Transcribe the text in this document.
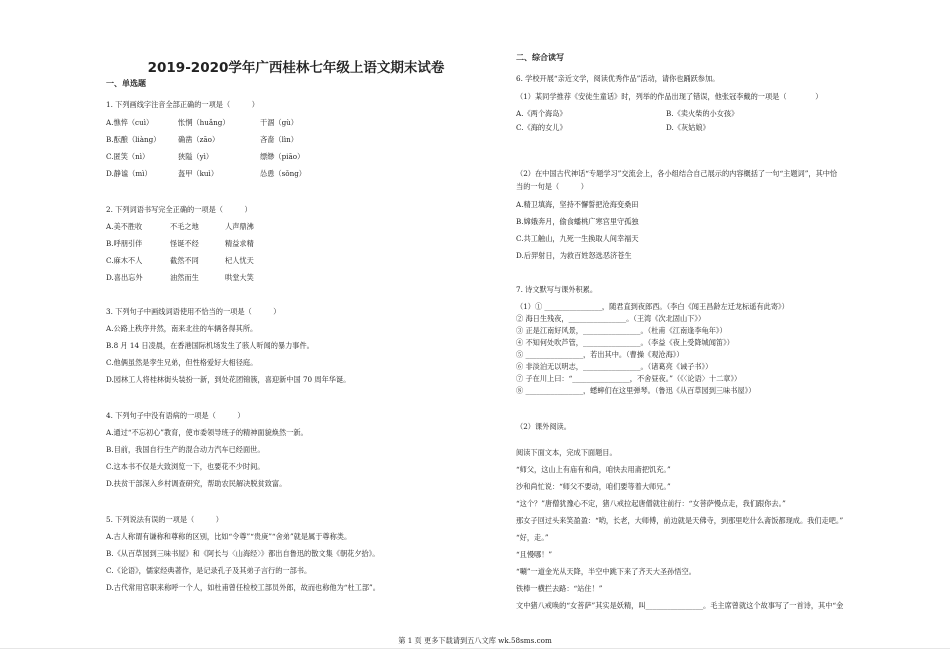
2019-2020学年广西桂林七年级上语文期末试卷
一、单选题
1. 下列画线字注音全部正确的一项是（　　　）
A.憔悴（cuì）	怅惘（huǎng）	干涸（gù）
B.酝酿（liàng） 确凿（zāo）	吝啬（lìn）
C.匿笑（nì）	狭隘（yì）	缥缈（piāo）
D.静谧（mì）	盔甲（kuì）	怂恿（sǒng）
2. 下列词语书写完全正确的一项是（　　　）
A.美不胜收	不毛之地	人声鼎沸
B.呼朋引伴	怪诞不经	精益求精
C.麻木不人	截然不同	杞人忧天
D.喜出忘外	油然而生	哄堂大笑
3. 下列句子中画线词语使用不恰当的一项是（　　　）
A.公路上秩序井然，南来北往的车辆各得其所。
B.8 月 14 日凌晨，在香港国际机场发生了骇人听闻的暴力事件。
C.他俩虽然是孪生兄弟，但性格爱好大相径庭。
D.园林工人将桂林街头装扮一新，到处花团锦簇，喜迎新中国 70 周年华诞。
4. 下列句子中没有语病的一项是（　　　）
A.通过“不忘初心”教育，使市委领导班子的精神面貌焕然一新。
B.目前，我国自行生产的混合动力汽车已经面世。
C.这本书不仅是大致浏览一下，也要花不少时间。
D.扶贫干部深入乡村调查研究，帮助农民解决脱贫致富。
5. 下列说法有误的一项是（　　　）
A.古人称谓有谦称和尊称的区别，比如“令尊”“贵庚”“舍弟”就是属于尊称类。
B.《从百草园到三味书屋》和《阿长与〈山海经〉》都出自鲁迅的散文集《朝花夕拾》。
C.《论语》，儒家经典著作，是记录孔子及其弟子言行的一部书。
D.古代常用官职来称呼一个人，如杜甫曾任检校工部员外郎，故而也称他为“杜工部”。
二、综合读写
6. 学校开展“亲近文学，阅读优秀作品”活动，请你也踊跃参加。
（1）某同学推荐《安徒生童话》时，列举的作品出现了错误，他张冠李戴的一项是（　　　　）
A.《两个海岛》	B.《卖火柴的小女孩》
C.《海的女儿》	D.《灰姑娘》
（2）在中国古代神话“专题学习”交流会上，各小组结合自己展示的内容概括了一句“主题词”，其中恰
当的一句是（　　　）
A.精卫填海，坚持不懈誓把沧海变桑田
B.嫦娥奔月，偷食蟠桃广寒宫里守孤独
C.共工触山，九死一生换取人间幸福天
D.后羿射日，为救百姓怒选恶济苍生
7. 诗文默写与课外积累。
（1）① ________________，随君直到夜郎西。（李白《闻王昌龄左迁龙标遥有此寄》）
② 海日生残夜，________________。（王湾《次北固山下》）
③ 正是江南好风景，________________。（杜甫《江南逢李龟年》）
④ 不知何处吹芦管，________________。（李益《夜上受降城闻笛》）
⑤ ________________，若出其中。（曹操《观沧海》）
⑥ 非淡泊无以明志，________________。（诸葛亮《诫子书》）
⑦ 子在川上曰：“________________，不舍昼夜。”（《〈论语〉十二章》）
⑧ ________________，蟋蟀们在这里弹琴。（鲁迅《从百草园到三味书屋》）
（2）课外阅读。
阅读下面文本，完成下面题目。
“师父，这山上有庙有和尚，咱快去用斋把饥充。”
沙和尚忙说：“师父不要动，咱们要等着大师兄。”
“这个？”唐僧犹豫心不定，猪八戒拉起唐僧就往前行：“女菩萨慢点走，我们跟你去。”
那女子回过头来笑盈盈：“哟，长老，大师傅，前边就是天佛寺，到那里吃什么斋饭都现成。我们走吧。”
“好，走。”
“且慢哪！”
“唰”一道金光从天降，半空中跳下来了齐天大圣孙悟空。
铁棒一横拦去路：“站住！”
文中猪八戒唤的“女菩萨”其实是妖精，叫________________。毛主席曾就这个故事写了一首诗，其中“金
第 1 页 更多下载请到五八文库 wk.58sms.com
